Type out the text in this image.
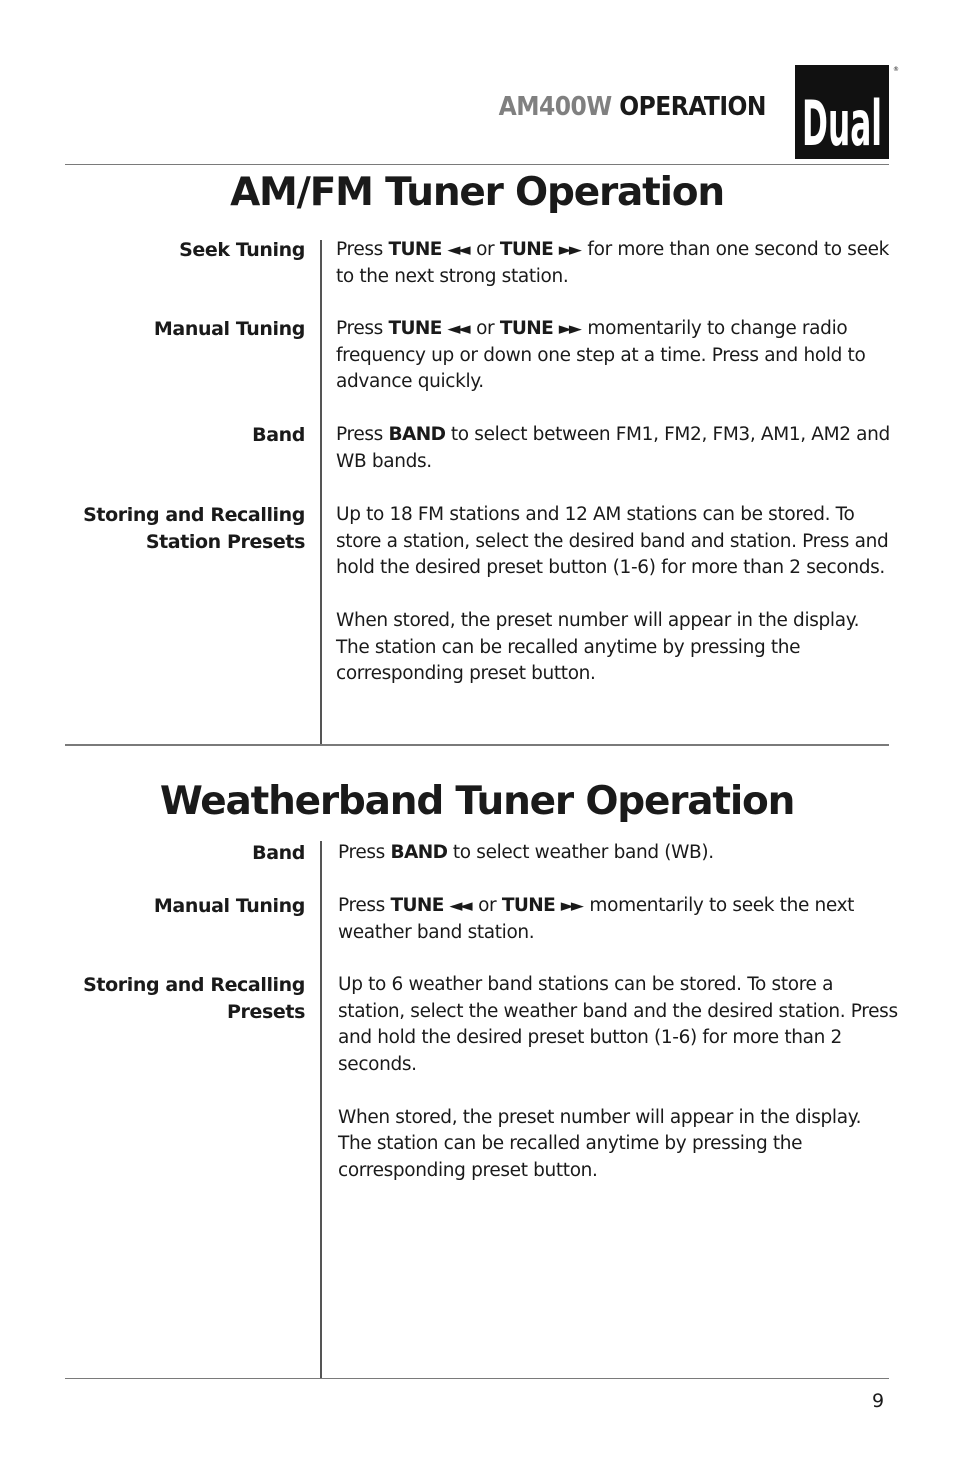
AM400W OPERATION Dual
®
AM/FM Tuner Operation
Seek Tuning Press TUNE ◄◄ or TUNE ►► for more than one second to seek to the next strong station.

Manual Tuning Press TUNE ◄◄ or TUNE ►► momentarily to change radio frequency up or down one step at a time. Press and hold to advance quickly.

Band Press BAND to select between FM1, FM2, FM3, AM1, AM2 and WB bands.

Storing and Recalling
Station Presets

Up to 18 FM stations and 12 AM stations can be stored. To store a station, select the desired band and station. Press and hold the desired preset button (1-6) for more than 2 seconds.

When stored, the preset number will appear in the display. The station can be recalled anytime by pressing the corresponding preset button.

Weatherband Tuner Operation
Band Press BAND to select weather band (WB).

Manual Tuning Press TUNE ◄◄ or TUNE ►► momentarily to seek the next weather band station.

Storing and Recalling
Presets

Up to 6 weather band stations can be stored. To store a station, select the weather band and the desired station. Press and hold the desired preset button (1-6) for more than 2 seconds.

When stored, the preset number will appear in the display. The station can be recalled anytime by pressing the corresponding preset button.

9
